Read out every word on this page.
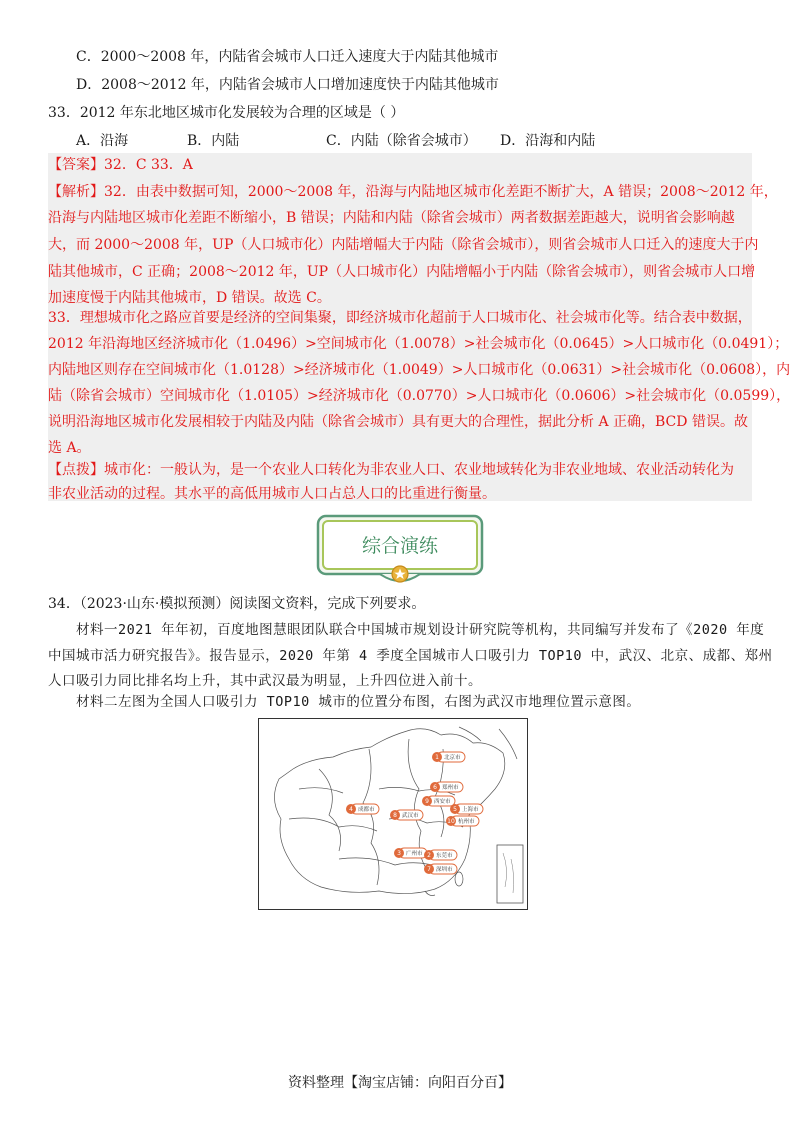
C．2000～2008 年，内陆省会城市人口迁入速度大于内陆其他城市
D．2008～2012 年，内陆省会城市人口增加速度快于内陆其他城市
33．2012 年东北地区城市化发展较为合理的区域是（ ）
A．沿海	B．内陆	C．内陆（除省会城市） D．沿海和内陆
【答案】32．C 33．A
【解析】32．由表中数据可知，2000～2008 年，沿海与内陆地区城市化差距不断扩大，A 错误；2008～2012 年，
沿海与内陆地区城市化差距不断缩小，B 错误；内陆和内陆（除省会城市）两者数据差距越大，说明省会影响越
大，而 2000～2008 年，UP（人口城市化）内陆增幅大于内陆（除省会城市），则省会城市人口迁入的速度大于内
陆其他城市，C 正确；2008～2012 年，UP（人口城市化）内陆增幅小于内陆（除省会城市），则省会城市人口增
加速度慢于内陆其他城市，D 错误。故选 C。
33．理想城市化之路应首要是经济的空间集聚，即经济城市化超前于人口城市化、社会城市化等。结合表中数据，
2012 年沿海地区经济城市化（1.0496）>空间城市化（1.0078）>社会城市化（0.0645）>人口城市化（0.0491）；
内陆地区则存在空间城市化（1.0128）>经济城市化（1.0049）>人口城市化（0.0631）>社会城市化（0.0608），内
陆（除省会城市）空间城市化（1.0105）>经济城市化（0.0770）>人口城市化（0.0606）>社会城市化（0.0599），
说明沿海地区城市化发展相较于内陆及内陆（除省会城市）具有更大的合理性，据此分析 A 正确，BCD 错误。故
选 A。
【点拨】城市化：一般认为，是一个农业人口转化为非农业人口、农业地域转化为非农业地域、农业活动转化为
非农业活动的过程。其水平的高低用城市人口占总人口的比重进行衡量。
综合演练
34．（2023·山东·模拟预测）阅读图文资料，完成下列要求。
材料一2021 年年初，百度地图慧眼团队联合中国城市规划设计研究院等机构，共同编写并发布了《2020 年度
中国城市活力研究报告》。报告显示，2020 年第 4 季度全国城市人口吸引力 TOP10 中，武汉、北京、成都、郑州
人口吸引力同比排名均上升，其中武汉最为明显，上升四位进入前十。
材料二左图为全国人口吸引力 TOP10 城市的位置分布图，右图为武汉市地理位置示意图。
1 北京市
6 郑州市
9 西安市
5 上海市
4 成都市
8 武汉市
10 杭州市
3 广州市 2 东莞市
7 深圳市
资料整理【淘宝店铺：向阳百分百】
